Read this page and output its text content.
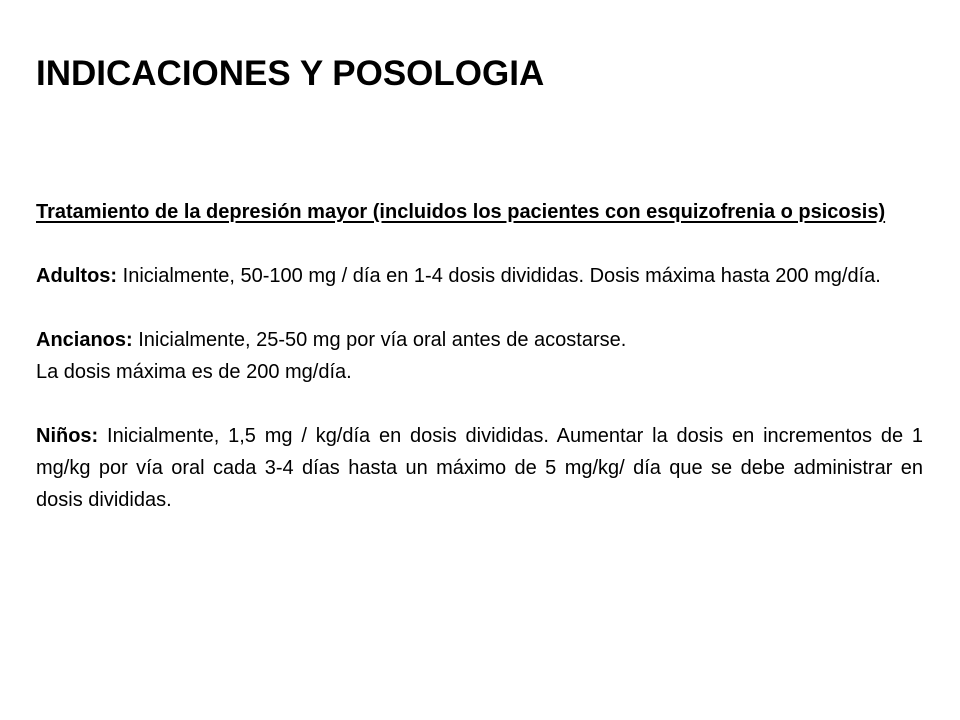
INDICACIONES Y POSOLOGIA

Tratamiento de la depresión mayor (incluidos los pacientes con esquizofrenia o psicosis)

Adultos: Inicialmente, 50-100 mg / día en 1-4 dosis divididas. Dosis máxima hasta 200 mg/día.

Ancianos: Inicialmente, 25-50 mg por vía oral antes de acostarse.
La dosis máxima es de 200 mg/día.

Niños: Inicialmente, 1,5 mg / kg/día en dosis divididas. Aumentar la dosis en incrementos de 1 mg/kg por vía oral cada 3-4 días hasta un máximo de 5 mg/kg/ día que se debe administrar en dosis divididas.
